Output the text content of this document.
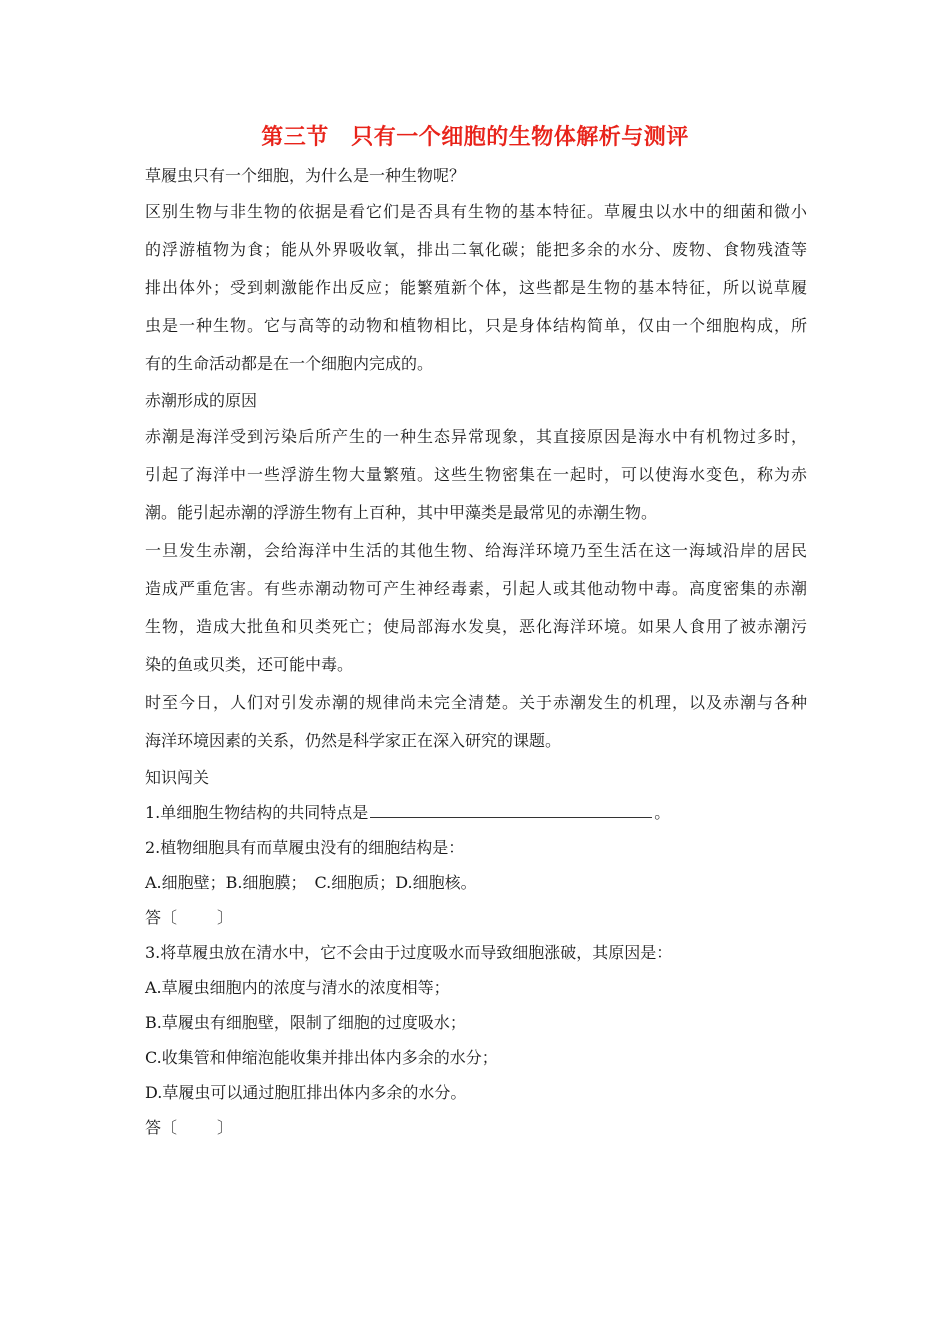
第三节　只有一个细胞的生物体解析与测评
草履虫只有一个细胞，为什么是一种生物呢？
区别生物与非生物的依据是看它们是否具有生物的基本特征。草履虫以水中的细菌和微小
的浮游植物为食；能从外界吸收氧，排出二氧化碳；能把多余的水分、废物、食物残渣等
排出体外；受到刺激能作出反应；能繁殖新个体，这些都是生物的基本特征，所以说草履
虫是一种生物。它与高等的动物和植物相比，只是身体结构简单，仅由一个细胞构成，所
有的生命活动都是在一个细胞内完成的。
赤潮形成的原因
赤潮是海洋受到污染后所产生的一种生态异常现象，其直接原因是海水中有机物过多时，
引起了海洋中一些浮游生物大量繁殖。这些生物密集在一起时，可以使海水变色，称为赤
潮。能引起赤潮的浮游生物有上百种，其中甲藻类是最常见的赤潮生物。
一旦发生赤潮，会给海洋中生活的其他生物、给海洋环境乃至生活在这一海域沿岸的居民
造成严重危害。有些赤潮动物可产生神经毒素，引起人或其他动物中毒。高度密集的赤潮
生物，造成大批鱼和贝类死亡；使局部海水发臭，恶化海洋环境。如果人食用了被赤潮污
染的鱼或贝类，还可能中毒。
时至今日，人们对引发赤潮的规律尚未完全清楚。关于赤潮发生的机理，以及赤潮与各种
海洋环境因素的关系，仍然是科学家正在深入研究的课题。
知识闯关
1.单细胞生物结构的共同特点是	。
2.植物细胞具有而草履虫没有的细胞结构是：
A.细胞壁；B.细胞膜；　C.细胞质；D.细胞核。
答〔	〕
3.将草履虫放在清水中，它不会由于过度吸水而导致细胞涨破，其原因是：
A.草履虫细胞内的浓度与清水的浓度相等；
B.草履虫有细胞壁，限制了细胞的过度吸水；
C.收集管和伸缩泡能收集并排出体内多余的水分；
D.草履虫可以通过胞肛排出体内多余的水分。
答〔	〕
